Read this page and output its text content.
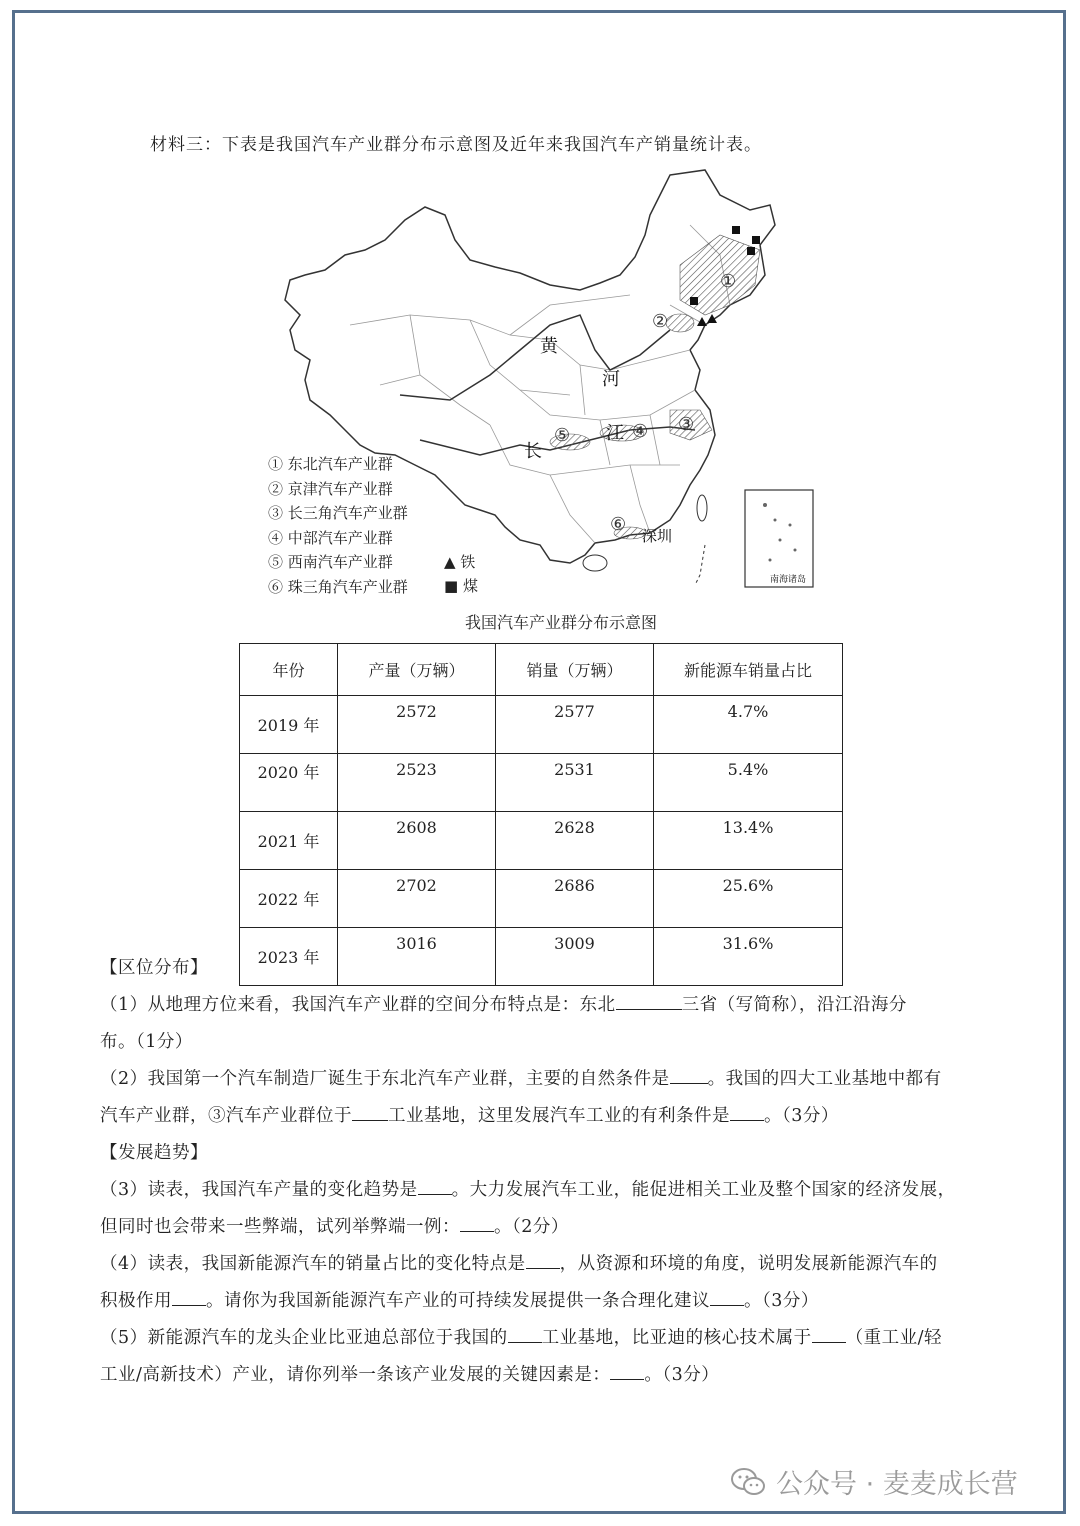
材料三：下表是我国汽车产业群分布示意图及近年来我国汽车产销量统计表。
①
②
③
④
⑤
⑥
黄
河
长
江
深圳
南海诸岛
① 东北汽车产业群
② 京津汽车产业群
③ 长三角汽车产业群
④ 中部汽车产业群
⑤ 西南汽车产业群
⑥ 珠三角汽车产业群
▲ 铁
■ 煤
我国汽车产业群分布示意图
年份	产量（万辆）	销量（万辆）	新能源车销量占比
2019 年	2572	2577	4.7%
2020 年	2523	2531	5.4%
2021 年	2608	2628	13.4%
2022 年	2702	2686	25.6%
2023 年	3016	3009	31.6%
【区位分布】
（1）从地理方位来看，我国汽车产业群的空间分布特点是：东北	三省（写简称），沿江沿海分
布。（1分）
（2）我国第一个汽车制造厂诞生于东北汽车产业群，主要的自然条件是 。我国的四大工业基地中都有
汽车产业群，③汽车产业群位于 工业基地，这里发展汽车工业的有利条件是 。（3分）
【发展趋势】
（3）读表，我国汽车产量的变化趋势是 。大力发展汽车工业，能促进相关工业及整个国家的经济发展，
但同时也会带来一些弊端，试列举弊端一例： 。（2分）
（4）读表，我国新能源汽车的销量占比的变化特点是 ，从资源和环境的角度，说明发展新能源汽车的
积极作用 。请你为我国新能源汽车产业的可持续发展提供一条合理化建议 。（3分）
（5）新能源汽车的龙头企业比亚迪总部位于我国的 工业基地，比亚迪的核心技术属于 （重工业/轻
工业/高新技术）产业，请你列举一条该产业发展的关键因素是： 。（3分）
公众号 · 麦麦成长营
